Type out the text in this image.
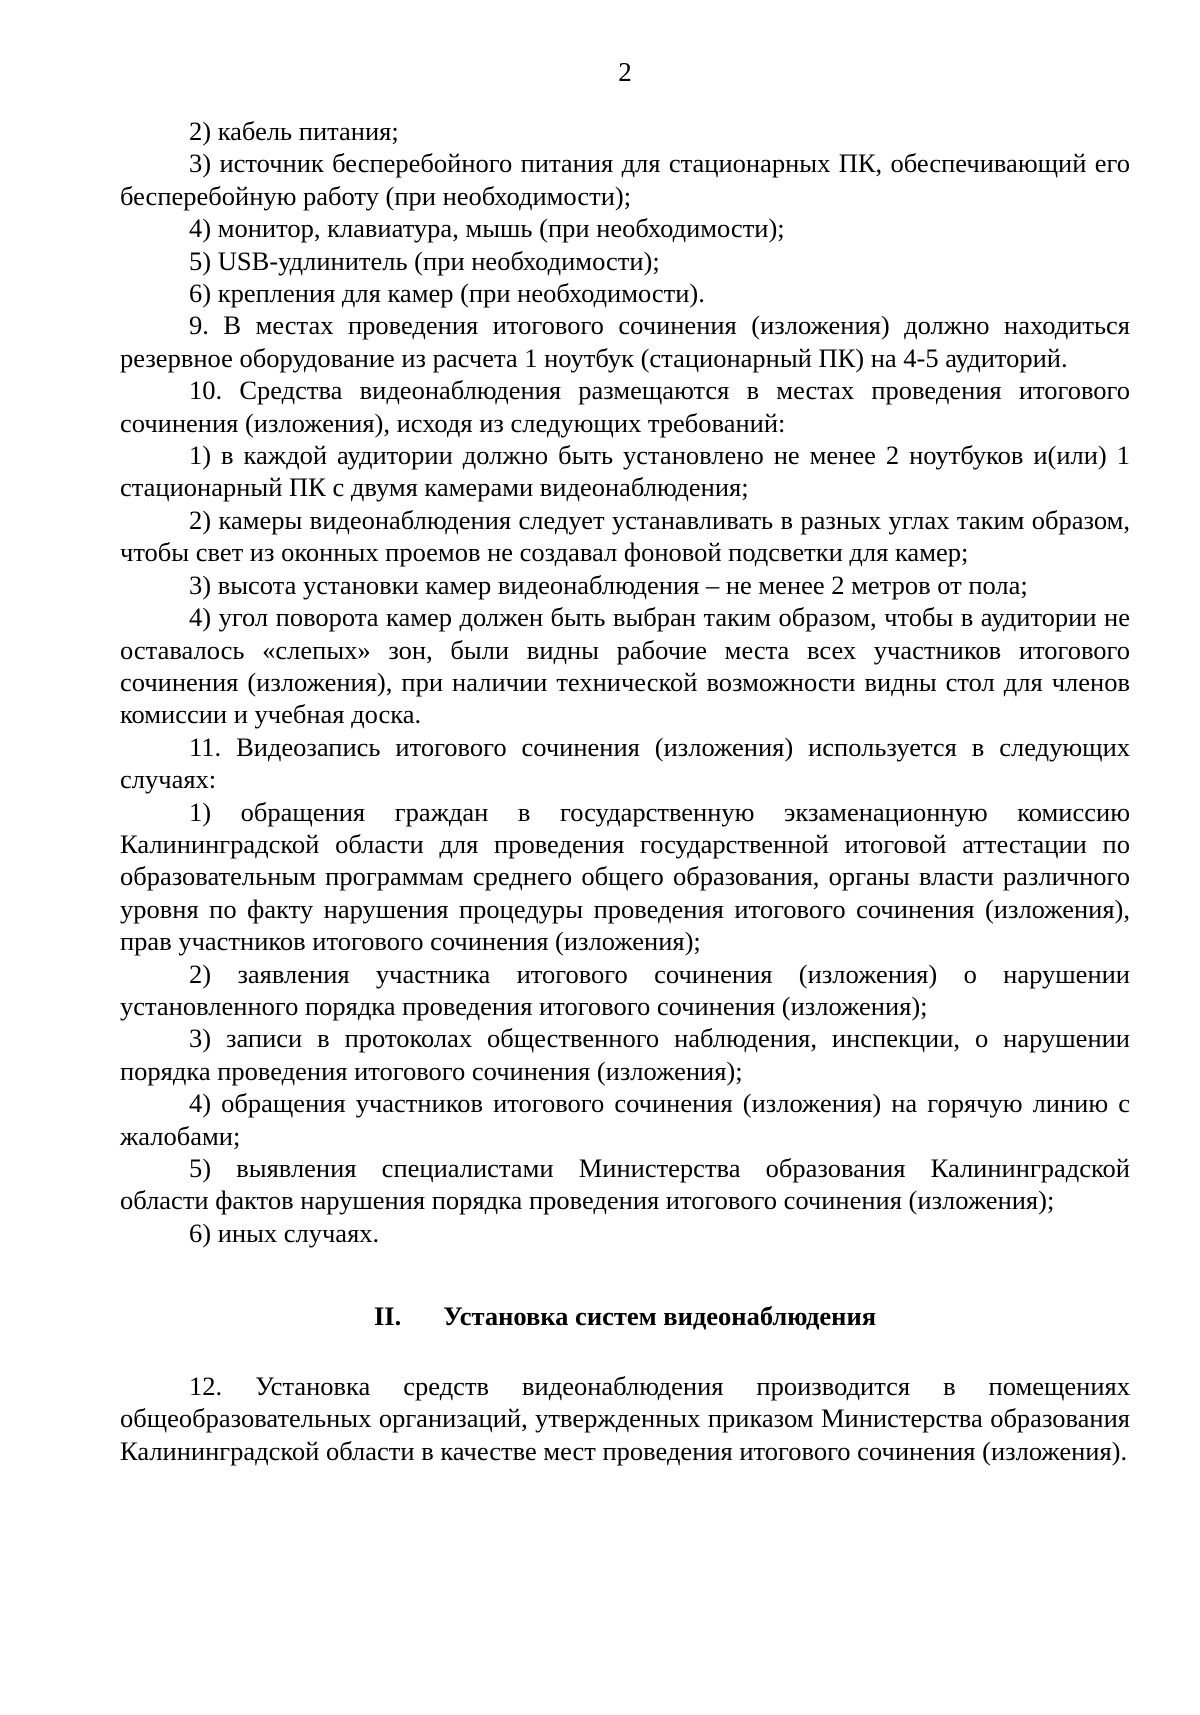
2

2) кабель питания;

3) источник бесперебойного питания для стационарных ПК, обеспечивающий его бесперебойную работу (при необходимости);

4) монитор, клавиатура, мышь (при необходимости);

5) USB-удлинитель (при необходимости);

6) крепления для камер (при необходимости).

9. В местах проведения итогового сочинения (изложения) должно находиться резервное оборудование из расчета 1 ноутбук (стационарный ПК) на 4-5 аудиторий.

10. Средства видеонаблюдения размещаются в местах проведения итогового сочинения (изложения), исходя из следующих требований:

1) в каждой аудитории должно быть установлено не менее 2 ноутбуков и(или) 1 стационарный ПК с двумя камерами видеонаблюдения;

2) камеры видеонаблюдения следует устанавливать в разных углах таким образом, чтобы свет из оконных проемов не создавал фоновой подсветки для камер;

3) высота установки камер видеонаблюдения – не менее 2 метров от пола;

4) угол поворота камер должен быть выбран таким образом, чтобы в аудитории не оставалось «слепых» зон, были видны рабочие места всех участников итогового сочинения (изложения), при наличии технической возможности видны стол для членов комиссии и учебная доска.

11. Видеозапись итогового сочинения (изложения) используется в следующих случаях:

1) обращения граждан в государственную экзаменационную комиссию Калининградской области для проведения государственной итоговой аттестации по образовательным программам среднего общего образования, органы власти различного уровня по факту нарушения процедуры проведения итогового сочинения (изложения), прав участников итогового сочинения (изложения);

2) заявления участника итогового сочинения (изложения) о нарушении установленного порядка проведения итогового сочинения (изложения);

3) записи в протоколах общественного наблюдения, инспекции, о нарушении порядка проведения итогового сочинения (изложения);

4) обращения участников итогового сочинения (изложения) на горячую линию с жалобами;

5) выявления специалистами Министерства образования Калининградской области фактов нарушения порядка проведения итогового сочинения (изложения);

6) иных случаях.

II. Установка систем видеонаблюдения

12. Установка средств видеонаблюдения производится в помещениях общеобразовательных организаций, утвержденных приказом Министерства образования Калининградской области в качестве мест проведения итогового сочинения (изложения).
